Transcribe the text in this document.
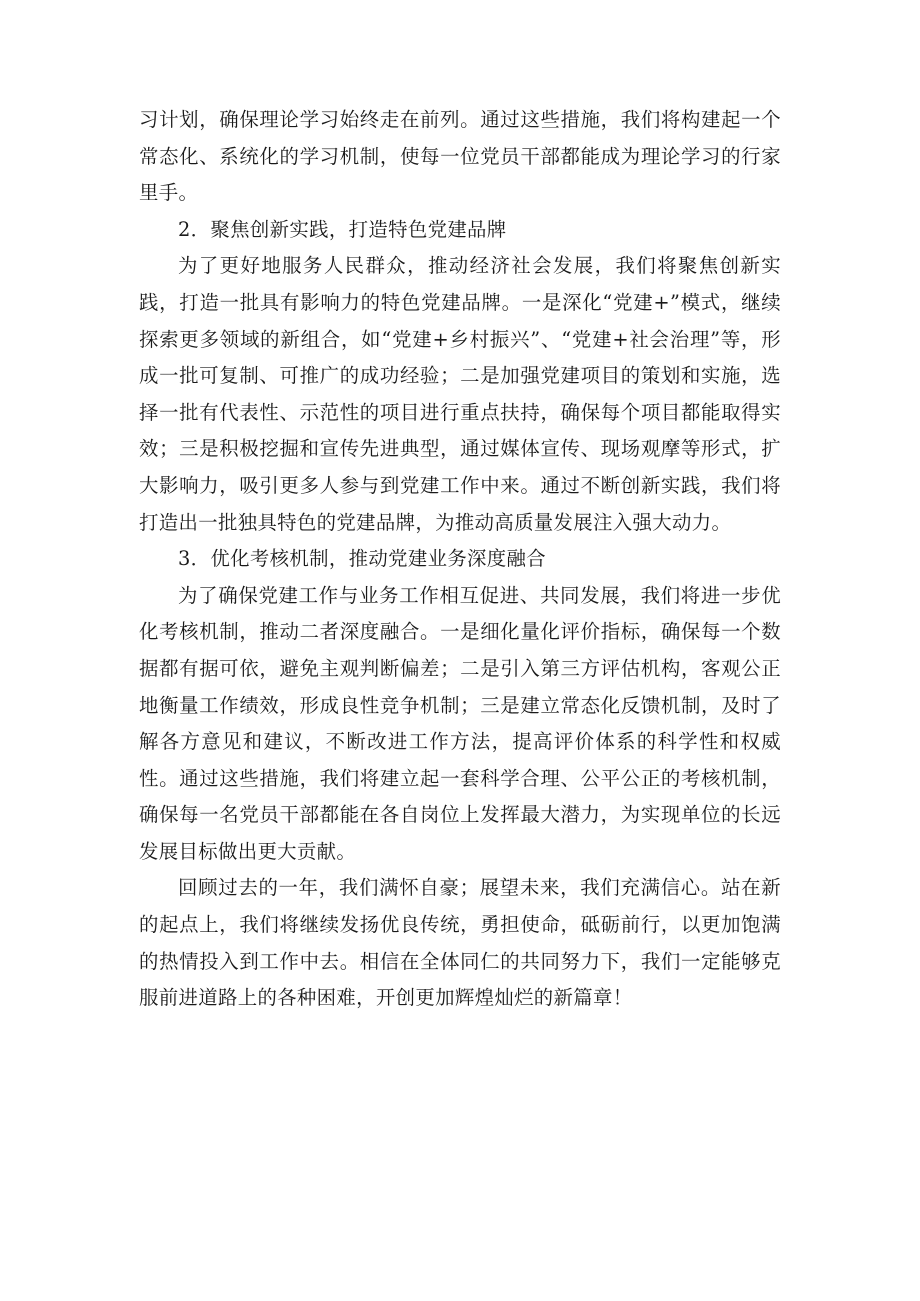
习计划，确保理论学习始终走在前列。通过这些措施，我们将构建起一个常态化、系统化的学习机制，使每一位党员干部都能成为理论学习的行家里手。

2．聚焦创新实践，打造特色党建品牌

为了更好地服务人民群众，推动经济社会发展，我们将聚焦创新实践，打造一批具有影响力的特色党建品牌。一是深化“党建+”模式，继续探索更多领域的新组合，如“党建+乡村振兴”、“党建+社会治理”等，形成一批可复制、可推广的成功经验；二是加强党建项目的策划和实施，选择一批有代表性、示范性的项目进行重点扶持，确保每个项目都能取得实效；三是积极挖掘和宣传先进典型，通过媒体宣传、现场观摩等形式，扩大影响力，吸引更多人参与到党建工作中来。通过不断创新实践，我们将打造出一批独具特色的党建品牌，为推动高质量发展注入强大动力。

3．优化考核机制，推动党建业务深度融合

为了确保党建工作与业务工作相互促进、共同发展，我们将进一步优化考核机制，推动二者深度融合。一是细化量化评价指标，确保每一个数据都有据可依，避免主观判断偏差；二是引入第三方评估机构，客观公正地衡量工作绩效，形成良性竞争机制；三是建立常态化反馈机制，及时了解各方意见和建议，不断改进工作方法，提高评价体系的科学性和权威性。通过这些措施，我们将建立起一套科学合理、公平公正的考核机制，确保每一名党员干部都能在各自岗位上发挥最大潜力，为实现单位的长远发展目标做出更大贡献。

回顾过去的一年，我们满怀自豪；展望未来，我们充满信心。站在新的起点上，我们将继续发扬优良传统，勇担使命，砥砺前行，以更加饱满的热情投入到工作中去。相信在全体同仁的共同努力下，我们一定能够克服前进道路上的各种困难，开创更加辉煌灿烂的新篇章！
